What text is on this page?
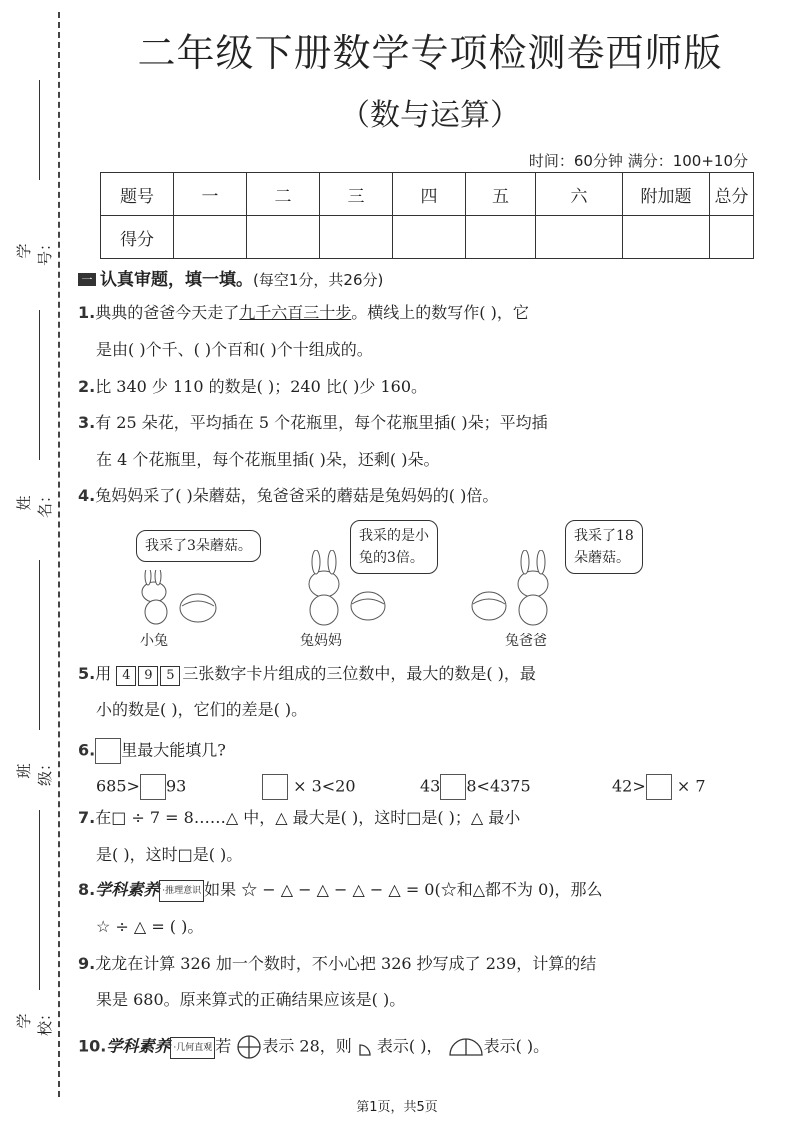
学号：
姓名：
班级：
学校：
二年级下册数学专项检测卷西师版
（数与运算）
时间：60分钟 满分：100+10分
题号	一	二	三	四	五	六	附加题	总分
得分								
一 认真审题，填一填。(每空1分，共26分)
1.典典的爸爸今天走了九千六百三十步。横线上的数写作( )，它
是由( )个千、( )个百和( )个十组成的。
2.比 340 少 110 的数是( )；240 比( )少 160。
3.有 25 朵花，平均插在 5 个花瓶里，每个花瓶里插( )朵；平均插
在 4 个花瓶里，每个花瓶里插( )朵，还剩( )朵。
4.兔妈妈采了( )朵蘑菇，兔爸爸采的蘑菇是兔妈妈的( )倍。
我采了3朵蘑菇。
我采的是小
兔的3倍。
我采了18
朵蘑菇。
小兔	兔妈妈	兔爸爸
5.用 4 9 5 三张数字卡片组成的三位数中，最大的数是( )，最
小的数是( )，它们的差是( )。
6. 里最大能填几?
685> 93	× 3<20	43 8<4375	42> × 7
7.在□ ÷ 7 = 8……△ 中，△ 最大是( )，这时□是( )；△ 最小
是( )，这时□是( )。
8.学科素养 ·推理意识 如果 ☆ − △ − △ − △ − △ = 0(☆和△都不为 0)，那么
☆ ÷ △ = ( )。
9.龙龙在计算 326 加一个数时，不小心把 326 抄写成了 239，计算的结
果是 680。原来算式的正确结果应该是( )。
10.学科素养 ·几何直观 若 表示 28，则 表示( )，	表示( )。
第1页，共5页
